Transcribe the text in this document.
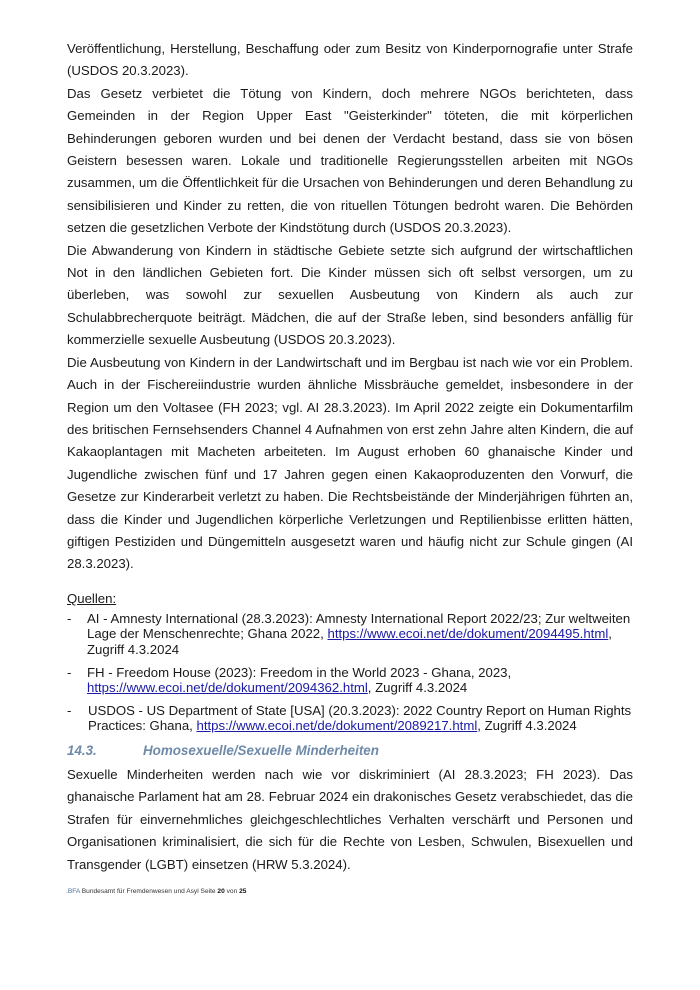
Veröffentlichung, Herstellung, Beschaffung oder zum Besitz von Kinderpornografie unter Strafe (USDOS 20.3.2023).

Das Gesetz verbietet die Tötung von Kindern, doch mehrere NGOs berichteten, dass Gemeinden in der Region Upper East "Geisterkinder" töteten, die mit körperlichen Behinderungen geboren wurden und bei denen der Verdacht bestand, dass sie von bösen Geistern besessen waren. Lokale und traditionelle Regierungsstellen arbeiten mit NGOs zusammen, um die Öffentlichkeit für die Ursachen von Behinderungen und deren Behandlung zu sensibilisieren und Kinder zu retten, die von rituellen Tötungen bedroht waren. Die Behörden setzen die gesetzlichen Verbote der Kindstötung durch (USDOS 20.3.2023).

Die Abwanderung von Kindern in städtische Gebiete setzte sich aufgrund der wirtschaftlichen Not in den ländlichen Gebieten fort. Die Kinder müssen sich oft selbst versorgen, um zu überleben, was sowohl zur sexuellen Ausbeutung von Kindern als auch zur Schulabbrecherquote beiträgt. Mädchen, die auf der Straße leben, sind besonders anfällig für kommerzielle sexuelle Ausbeutung (USDOS 20.3.2023).

Die Ausbeutung von Kindern in der Landwirtschaft und im Bergbau ist nach wie vor ein Problem. Auch in der Fischereiindustrie wurden ähnliche Missbräuche gemeldet, insbesondere in der Region um den Voltasee (FH 2023; vgl. AI 28.3.2023). Im April 2022 zeigte ein Dokumentarfilm des britischen Fernsehsenders Channel 4 Aufnahmen von erst zehn Jahre alten Kindern, die auf Kakaoplantagen mit Macheten arbeiteten. Im August erhoben 60 ghanaische Kinder und Jugendliche zwischen fünf und 17 Jahren gegen einen Kakaoproduzenten den Vorwurf, die Gesetze zur Kinderarbeit verletzt zu haben. Die Rechtsbeistände der Minderjährigen führten an, dass die Kinder und Jugendlichen körperliche Verletzungen und Reptilienbisse erlitten hätten, giftigen Pestiziden und Düngemitteln ausgesetzt waren und häufig nicht zur Schule gingen (AI 28.3.2023).

Quellen:
- AI - Amnesty International (28.3.2023): Amnesty International Report 2022/23; Zur weltweiten Lage der Menschenrechte; Ghana 2022, https://www.ecoi.net/de/dokument/2094495.html, Zugriff 4.3.2024
- FH - Freedom House (2023): Freedom in the World 2023 - Ghana, 2023, https://www.ecoi.net/de/dokument/2094362.html, Zugriff 4.3.2024
- USDOS - US Department of State [USA] (20.3.2023): 2022 Country Report on Human Rights Practices: Ghana, https://www.ecoi.net/de/dokument/2089217.html, Zugriff 4.3.2024
14.3.	Homosexuelle/Sexuelle Minderheiten

Sexuelle Minderheiten werden nach wie vor diskriminiert (AI 28.3.2023; FH 2023). Das ghanaische Parlament hat am 28. Februar 2024 ein drakonisches Gesetz verabschiedet, das die Strafen für einvernehmliches gleichgeschlechtliches Verhalten verschärft und Personen und Organisationen kriminalisiert, die sich für die Rechte von Lesben, Schwulen, Bisexuellen und Transgender (LGBT) einsetzen (HRW 5.3.2024).

.BFA Bundesamt für Fremdenwesen und Asyl Seite 20 von 25
